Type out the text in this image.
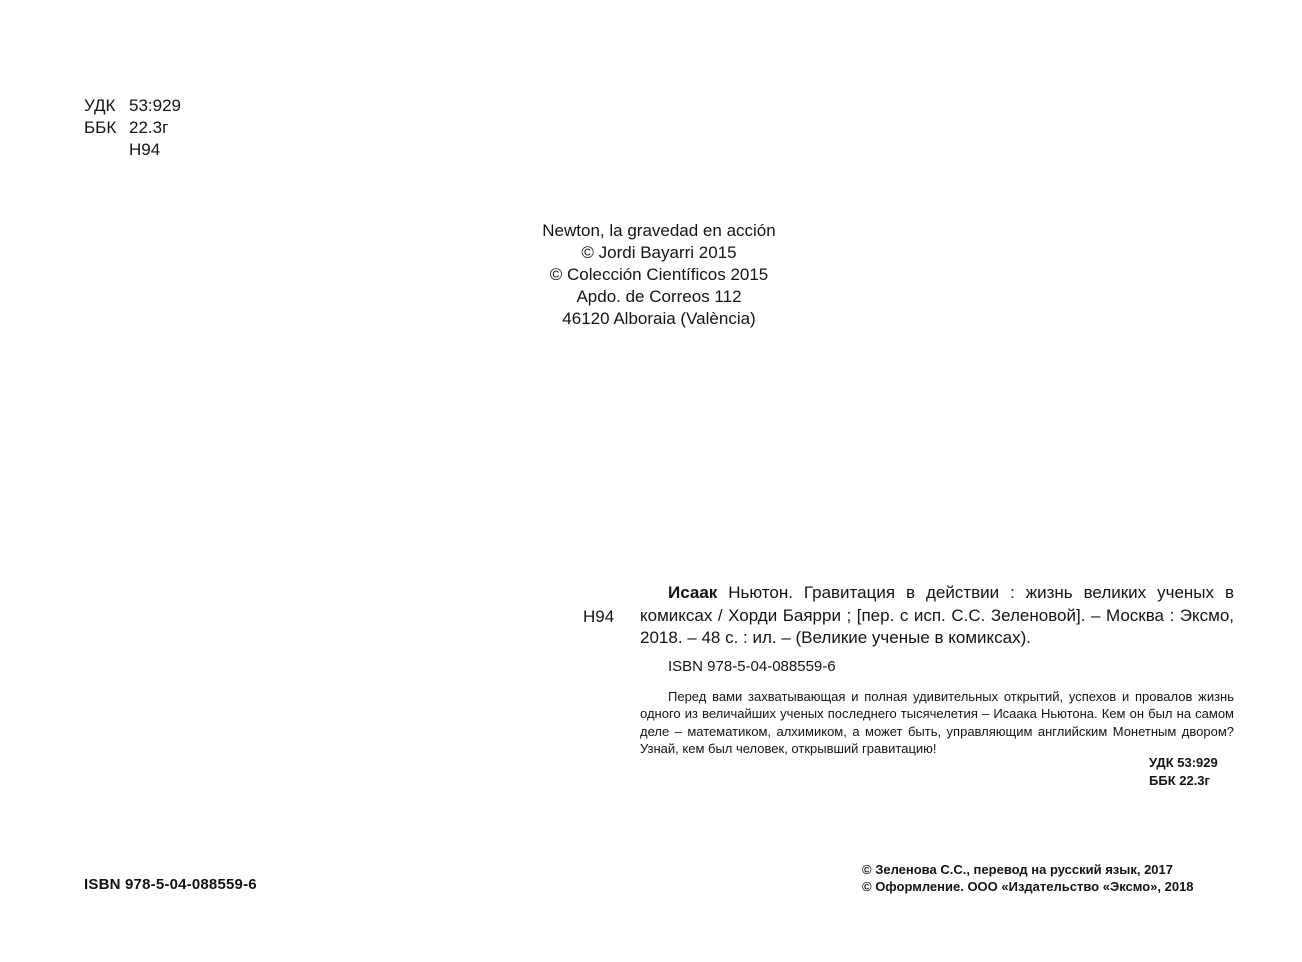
УДК 53:929
ББК 22.3г
Н94
Newton, la gravedad en acción
© Jordi Bayarri 2015
© Colección Científicos 2015
Apdo. de Correos 112
46120 Alboraia (València)
Н94
Исаак Ньютон. Гравитация в действии : жизнь великих ученых в комиксах / Хорди Баярри ; [пер. с исп. С.С. Зеленовой]. – Москва : Эксмо, 2018. – 48 с. : ил. – (Великие ученые в комиксах).
ISBN 978-5-04-088559-6
Перед вами захватывающая и полная удивительных открытий, успехов и провалов жизнь одного из величайших ученых последнего тысячелетия – Исаака Ньютона. Кем он был на самом деле – математиком, алхимиком, а может быть, управляющим английским Монетным двором? Узнай, кем был человек, открывший гравитацию!
УДК 53:929
ББК 22.3г
ISBN 978-5-04-088559-6
© Зеленова С.С., перевод на русский язык, 2017
© Оформление. ООО «Издательство «Эксмо», 2018
